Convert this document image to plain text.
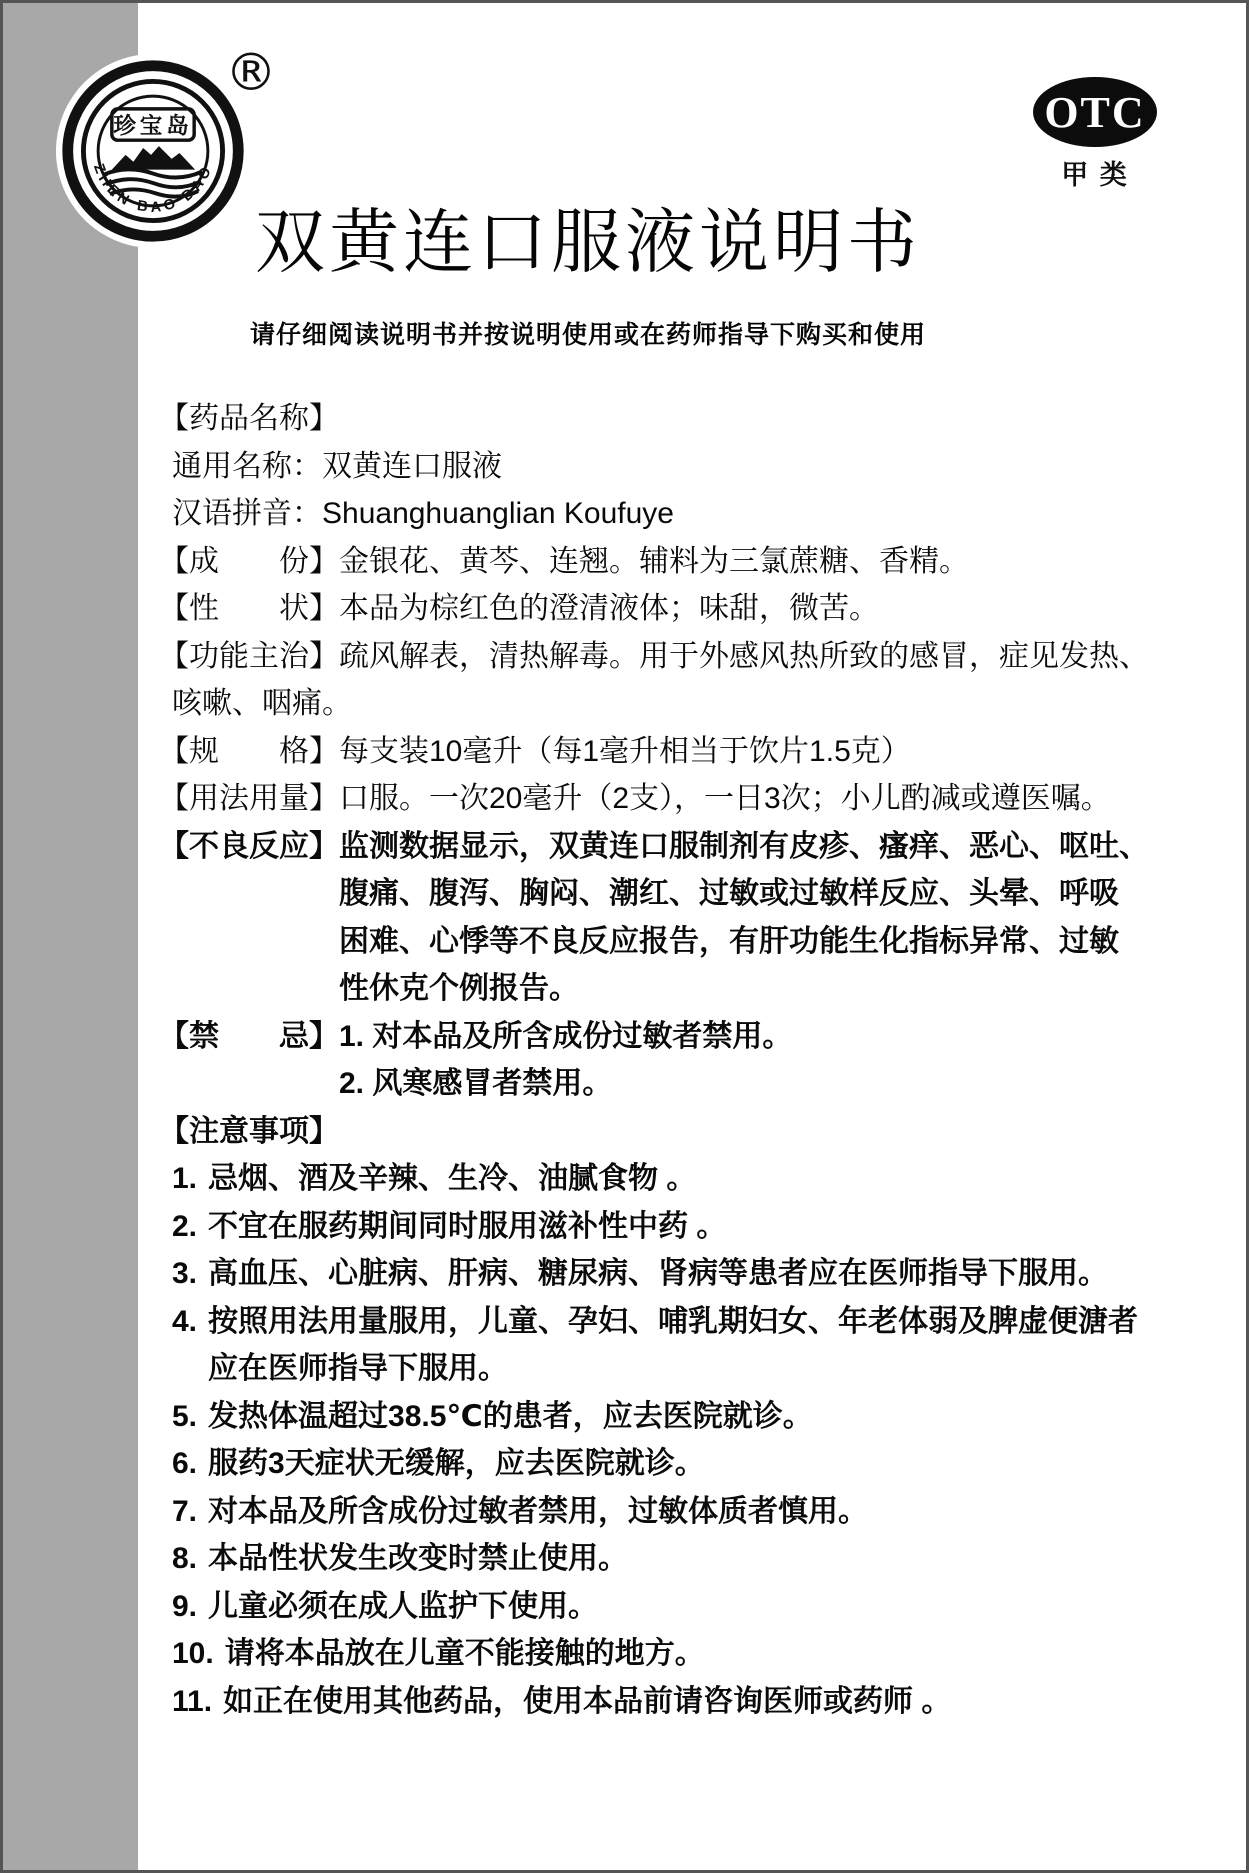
珍宝岛
ZHEN BAO DAO
®
OTC
甲 类
双黄连口服液说明书
请仔细阅读说明书并按说明使用或在药师指导下购买和使用

【药品名称】

通用名称：双黄连口服液

汉语拼音：Shuanghuanglian Koufuye

【成　　份】金银花、黄芩、连翘。辅料为三氯蔗糖、香精。

【性　　状】本品为棕红色的澄清液体；味甜，微苦。

【功能主治】疏风解表，清热解毒。用于外感风热所致的感冒，症见发热、

咳嗽、咽痛。

【规　　格】每支装10毫升（每1毫升相当于饮片1.5克）

【用法用量】口服。一次20毫升（2支），一日3次；小儿酌减或遵医嘱。

【不良反应】 监测数据显示，双黄连口服制剂有皮疹、瘙痒、恶心、呕吐、
腹痛、腹泻、胸闷、潮红、过敏或过敏样反应、头晕、呼吸
困难、心悸等不良反应报告，有肝功能生化指标异常、过敏
性休克个例报告。
【禁　　忌】 1. 对本品及所含成份过敏者禁用。
2. 风寒感冒者禁用。

【注意事项】

1. 忌烟、酒及辛辣、生冷、油腻食物 。
2. 不宜在服药期间同时服用滋补性中药 。
3. 高血压、心脏病、肝病、糖尿病、肾病等患者应在医师指导下服用。
4. 按照用法用量服用，儿童、孕妇、哺乳期妇女、年老体弱及脾虚便溏者
应在医师指导下服用。
5. 发热体温超过38.5℃的患者，应去医院就诊。
6. 服药3天症状无缓解，应去医院就诊。
7. 对本品及所含成份过敏者禁用，过敏体质者慎用。
8. 本品性状发生改变时禁止使用。
9. 儿童必须在成人监护下使用。
10. 请将本品放在儿童不能接触的地方。
11. 如正在使用其他药品，使用本品前请咨询医师或药师 。
